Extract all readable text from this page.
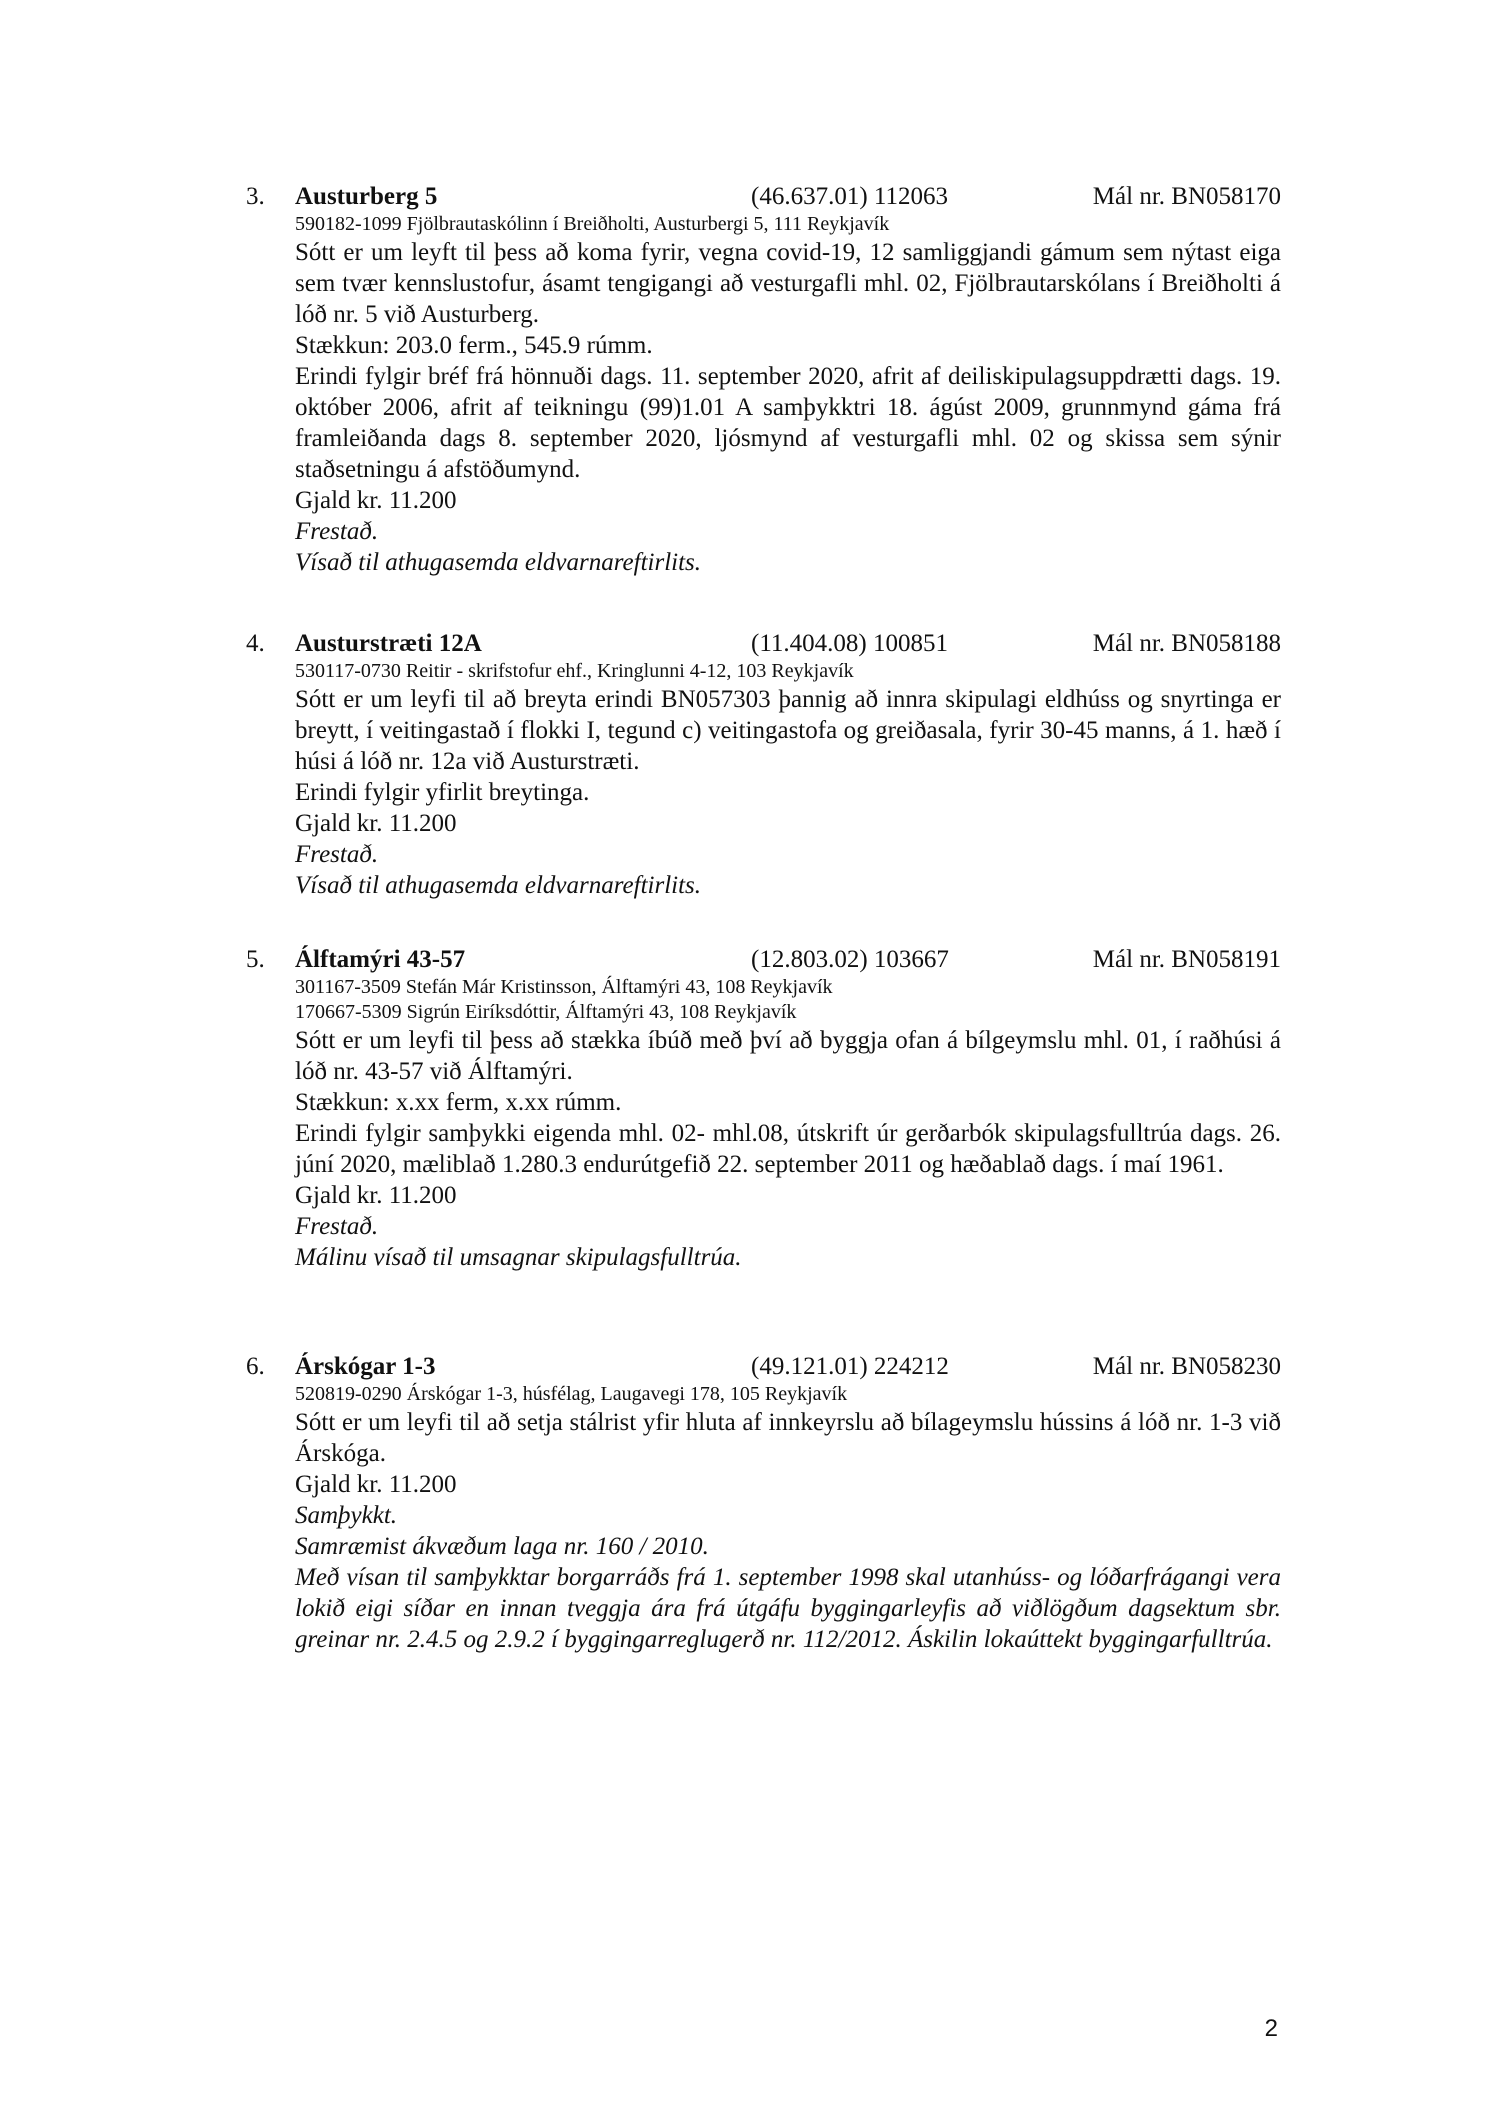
3. Austurberg 5	(46.637.01) 112063	Mál nr. BN058170
590182-1099 Fjölbrautaskólinn í Breiðholti, Austurbergi 5, 111 Reykjavík
Sótt er um leyft til þess að koma fyrir, vegna covid-19, 12 samliggjandi gámum sem nýtast eiga sem tvær kennslustofur, ásamt tengigangi að vesturgafli mhl. 02, Fjölbrautarskólans í Breiðholti á lóð nr. 5 við Austurberg.
Stækkun: 203.0 ferm., 545.9 rúmm.
Erindi fylgir bréf frá hönnuði dags. 11. september 2020, afrit af deiliskipulagsuppdrætti dags. 19. október 2006, afrit af teikningu (99)1.01 A samþykktri 18. ágúst 2009, grunnmynd gáma frá framleiðanda dags 8. september 2020, ljósmynd af vesturgafli mhl. 02 og skissa sem sýnir staðsetningu á afstöðumynd.
Gjald kr. 11.200
Frestað.
Vísað til athugasemda eldvarnareftirlits.
4. Austurstræti 12A	(11.404.08) 100851	Mál nr. BN058188
530117-0730 Reitir - skrifstofur ehf., Kringlunni 4-12, 103 Reykjavík
Sótt er um leyfi til að breyta erindi BN057303 þannig að innra skipulagi eldhúss og snyrtinga er breytt, í veitingastað í flokki I, tegund c) veitingastofa og greiðasala, fyrir 30-45 manns, á 1. hæð í húsi á lóð nr. 12a við Austurstræti.
Erindi fylgir yfirlit breytinga.
Gjald kr. 11.200
Frestað.
Vísað til athugasemda eldvarnareftirlits.
5. Álftamýri 43-57	(12.803.02) 103667	Mál nr. BN058191
301167-3509 Stefán Már Kristinsson, Álftamýri 43, 108 Reykjavík
170667-5309 Sigrún Eiríksdóttir, Álftamýri 43, 108 Reykjavík
Sótt er um leyfi til þess að stækka íbúð með því að byggja ofan á bílgeymslu mhl. 01, í raðhúsi á lóð nr. 43-57 við Álftamýri.
Stækkun: x.xx ferm, x.xx rúmm.
Erindi fylgir samþykki eigenda mhl. 02- mhl.08, útskrift úr gerðarbók skipulagsfulltrúa dags. 26. júní 2020, mæliblað 1.280.3 endurútgefið 22. september 2011 og hæðablað dags. í maí 1961.
Gjald kr. 11.200
Frestað.
Málinu vísað til umsagnar skipulagsfulltrúa.
6. Árskógar 1-3	(49.121.01) 224212	Mál nr. BN058230
520819-0290 Árskógar 1-3, húsfélag, Laugavegi 178, 105 Reykjavík
Sótt er um leyfi til að setja stálrist yfir hluta af innkeyrslu að bílageymslu hússins á lóð nr. 1-3 við Árskóga.
Gjald kr. 11.200
Samþykkt.
Samræmist ákvæðum laga nr. 160 / 2010.
Með vísan til samþykktar borgarráðs frá 1. september 1998 skal utanhúss- og lóðarfrágangi vera lokið eigi síðar en innan tveggja ára frá útgáfu byggingarleyfis að viðlögðum dagsektum sbr. greinar nr. 2.4.5 og 2.9.2 í byggingarreglugerð nr. 112/2012. Áskilin lokaúttekt byggingarfulltrúa.
2
